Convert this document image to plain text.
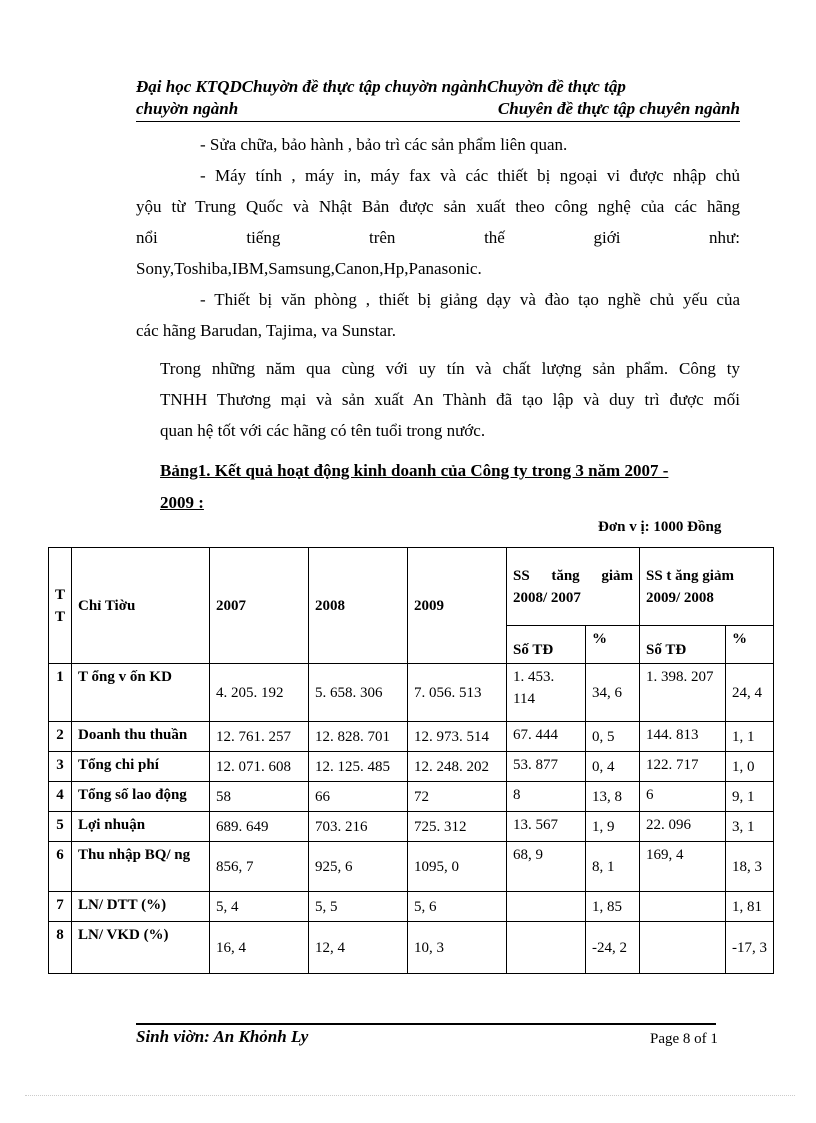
Đại học KTQDChuyờn đề thực tập chuyờn ngànhChuyờn đề thực tập
chuyờn ngành	Chuyên đề thực tập chuyên ngành
- Sửa chữa, bảo hành , bảo trì các sản phẩm liên quan.
- Máy tính , máy in, máy fax và các thiết bị ngoại vi được nhập chủ
yộu từ Trung Quốc và Nhật Bản được sản xuất theo công nghệ của các hãng
nổi tiếng trên thế giới như:
Sony,Toshiba,IBM,Samsung,Canon,Hp,Panasonic.
- Thiết bị văn phòng , thiết bị giảng dạy và đào tạo nghề chủ yếu của
các hãng Barudan, Tajima, va Sunstar.
Trong những năm qua cùng với uy tín và chất lượng sản phẩm. Công ty
TNHH Thương mại và sản xuất An Thành đã tạo lập và duy trì được mối
quan hệ tốt với các hãng có tên tuổi trong nước.
Bảng1. Kết quả hoạt động kinh doanh của Công ty trong 3 năm 2007 -
2009 :
Đơn v ị: 1000 Đồng
T T	Chỉ Tiờu	2007	2008	2009	SS tăng giảm 2008/ 2007		SS t ăng giảm 2009/ 2008	
					Số TĐ	%	Số TĐ	%
1	T ổng v ốn KD	4. 205. 192	5. 658. 306	7. 056. 513	1. 453. 114	34, 6	1. 398. 207	24, 4
2	Doanh thu thuần	12. 761. 257	12. 828. 701	12. 973. 514	67. 444	0, 5	144. 813	1, 1
3	Tổng chi phí	12. 071. 608	12. 125. 485	12. 248. 202	53. 877	0, 4	122. 717	1, 0
4	Tổng số lao động	58	66	72	8	13, 8	6	9, 1
5	Lợi nhuận	689. 649	703. 216	725. 312	13. 567	1, 9	22. 096	3, 1
6	Thu nhập BQ/ ng	856, 7	925, 6	1095, 0	68, 9	8, 1	169, 4	18, 3
7	LN/ DTT (%)	5, 4	5, 5	5, 6		1, 85		1, 81
8	LN/ VKD (%)	16, 4	12, 4	10, 3		-24, 2		-17, 3
Sinh viờn: An Khỏnh Ly	Page 8 of 1
